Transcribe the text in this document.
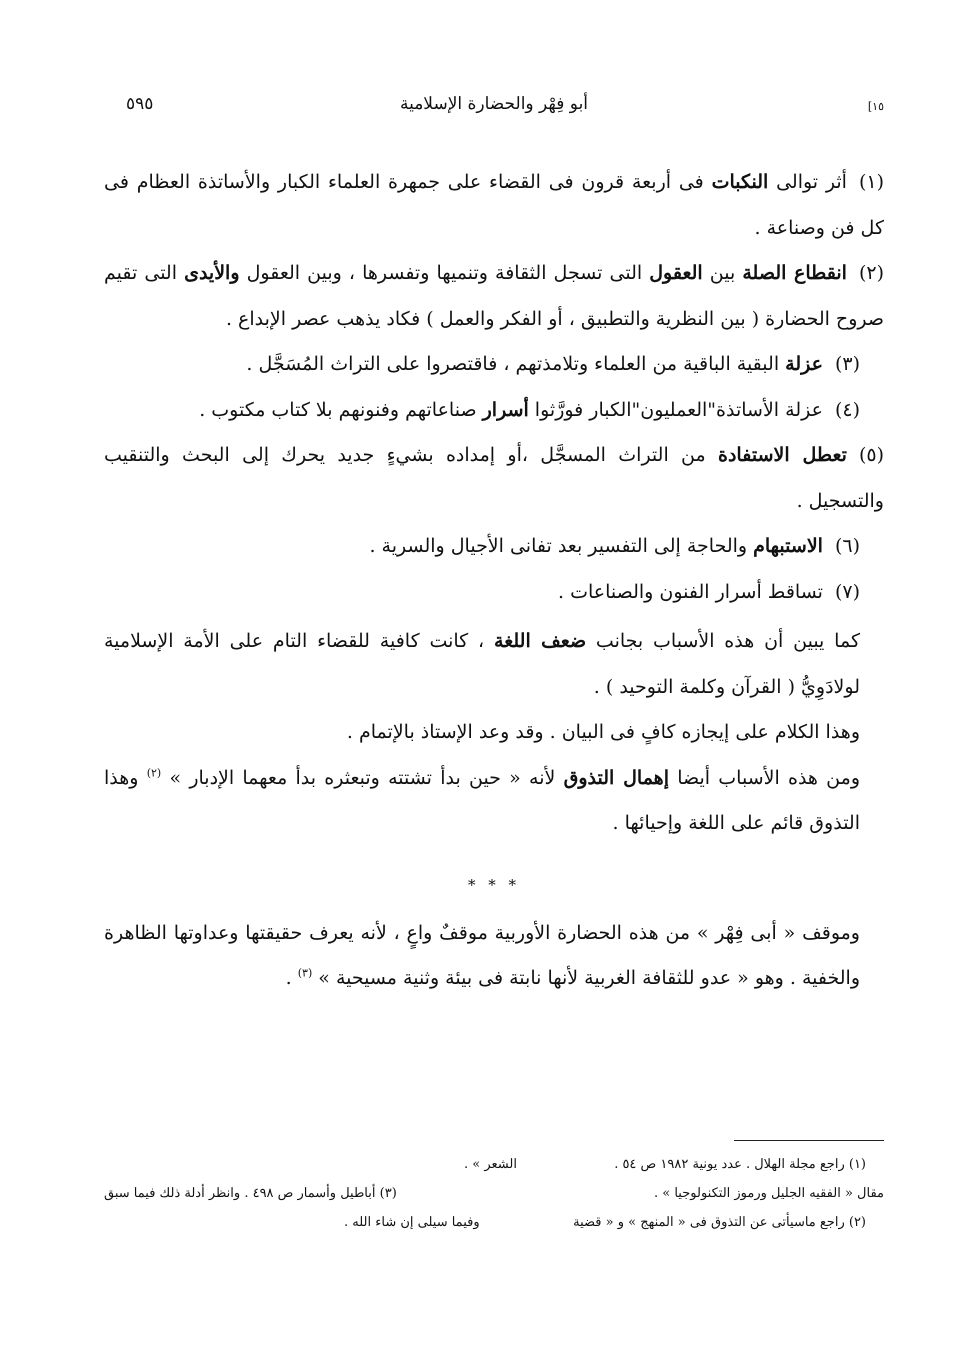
٥٩٥	أبو فِهْر والحضارة الإسلامية	[١٥

(١)أثر توالى النكبات فى أربعة قرون فى القضاء على جمهرة العلماء الكبار والأساتذة العظام فى كل فن وصناعة .

(٢)انقطاع الصلة بين العقول التى تسجل الثقافة وتنميها وتفسرها ، وبين العقول والأيدى التى تقيم صروح الحضارة ( بين النظرية والتطبيق ، أو الفكر والعمل ) فكاد يذهب عصر الإبداع .

(٣)عزلة البقية الباقية من العلماء وتلامذتهم ، فاقتصروا على التراث المُسَجَّل .

(٤)عزلة الأساتذة"العمليون"الكبار فورَّثوا أسرار صناعاتهم وفنونهم بلا كتاب مكتوب .

(٥)تعطل الاستفادة من التراث المسجَّل ،أو إمداده بشيءٍ جديد يحرك إلى البحث والتنقيب والتسجيل .

(٦)الاستبهام والحاجة إلى التفسير بعد تفانى الأجيال والسرية .

(٧)تساقط أسرار الفنون والصناعات .

كما يبين أن هذه الأسباب بجانب ضعف اللغة ، كانت كافية للقضاء التام على الأمة الإسلامية لولادَوِيُّ ( القرآن وكلمة التوحيد ) .

وهذا الكلام على إيجازه كافٍ فى البيان . وقد وعد الإستاذ بالإتمام .

ومن هذه الأسباب أيضا إهمال التذوق لأنه « حين بدأ تشتته وتبعثره بدأ معهما الإدبار » $^{(٢)}$ وهذا التذوق قائم على اللغة وإحيائها .

* * *

وموقف « أبى فِهْر » من هذه الحضارة الأوربية موقفٌ واعٍ ، لأنه يعرف حقيقتها وعداوتها الظاهرة والخفية . وهو « عدو للثقافة الغربية لأنها نابتة فى بيئة وثنية مسيحية » $^{(٣)}$ .

(١) راجع مجلة الهلال . عدد يونية ١٩٨٢ ص ٥٤ .
الشعر » .
مقال « الفقيه الجليل ورموز التكنولوجيا » .
(٣) أباطيل وأسمار ص ٤٩٨ . وانظر أدلة ذلك فيما سبق
(٢) راجع ماسيأتى عن التذوق فى « المنهج » و « قضية
وفيما سيلى إن شاء الله .
